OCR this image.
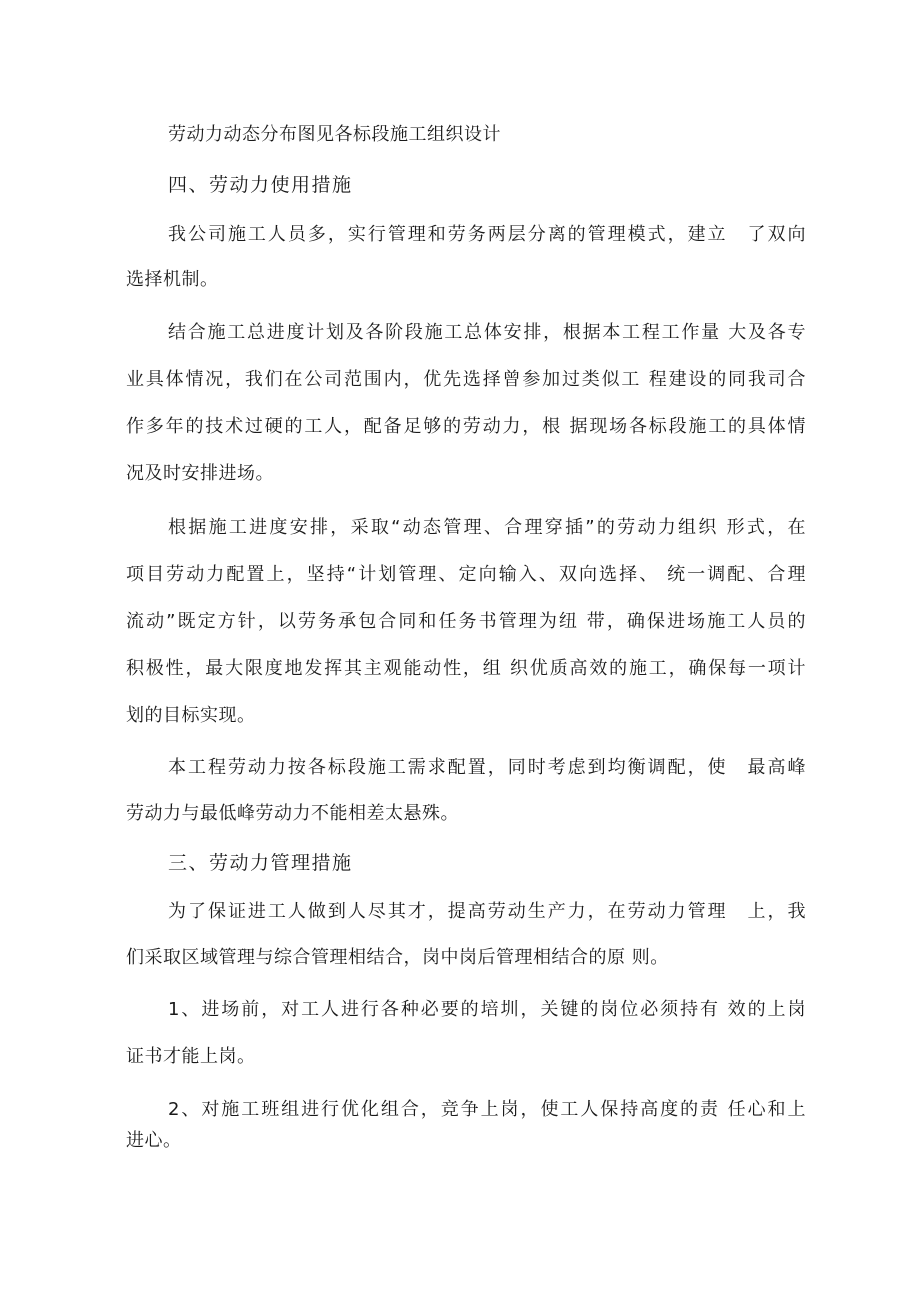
劳动力动态分布图见各标段施工组织设计
四、劳动力使用措施
我公司施工人员多，实行管理和劳务两层分离的管理模式，建立　了双向
选择机制。
结合施工总进度计划及各阶段施工总体安排，根据本工程工作量 大及各专
业具体情况，我们在公司范围内，优先选择曾参加过类似工 程建设的同我司合
作多年的技术过硬的工人，配备足够的劳动力，根 据现场各标段施工的具体情
况及时安排进场。
根据施工进度安排，采取“动态管理、合理穿插”的劳动力组织 形式，在
项目劳动力配置上，坚持“计划管理、定向输入、双向选择、 统一调配、合理
流动”既定方针，以劳务承包合同和任务书管理为纽 带，确保进场施工人员的
积极性，最大限度地发挥其主观能动性，组 织优质高效的施工，确保每一项计
划的目标实现。
本工程劳动力按各标段施工需求配置，同时考虑到均衡调配，使　最高峰
劳动力与最低峰劳动力不能相差太悬殊。
三、劳动力管理措施
为了保证进工人做到人尽其才，提高劳动生产力，在劳动力管理　上，我
们采取区域管理与综合管理相结合，岗中岗后管理相结合的原 则。
1、进场前，对工人进行各种必要的培圳，关键的岗位必须持有 效的上岗
证书才能上岗。
2、对施工班组进行优化组合，竞争上岗，使工人保持高度的责 任心和上
进心。
